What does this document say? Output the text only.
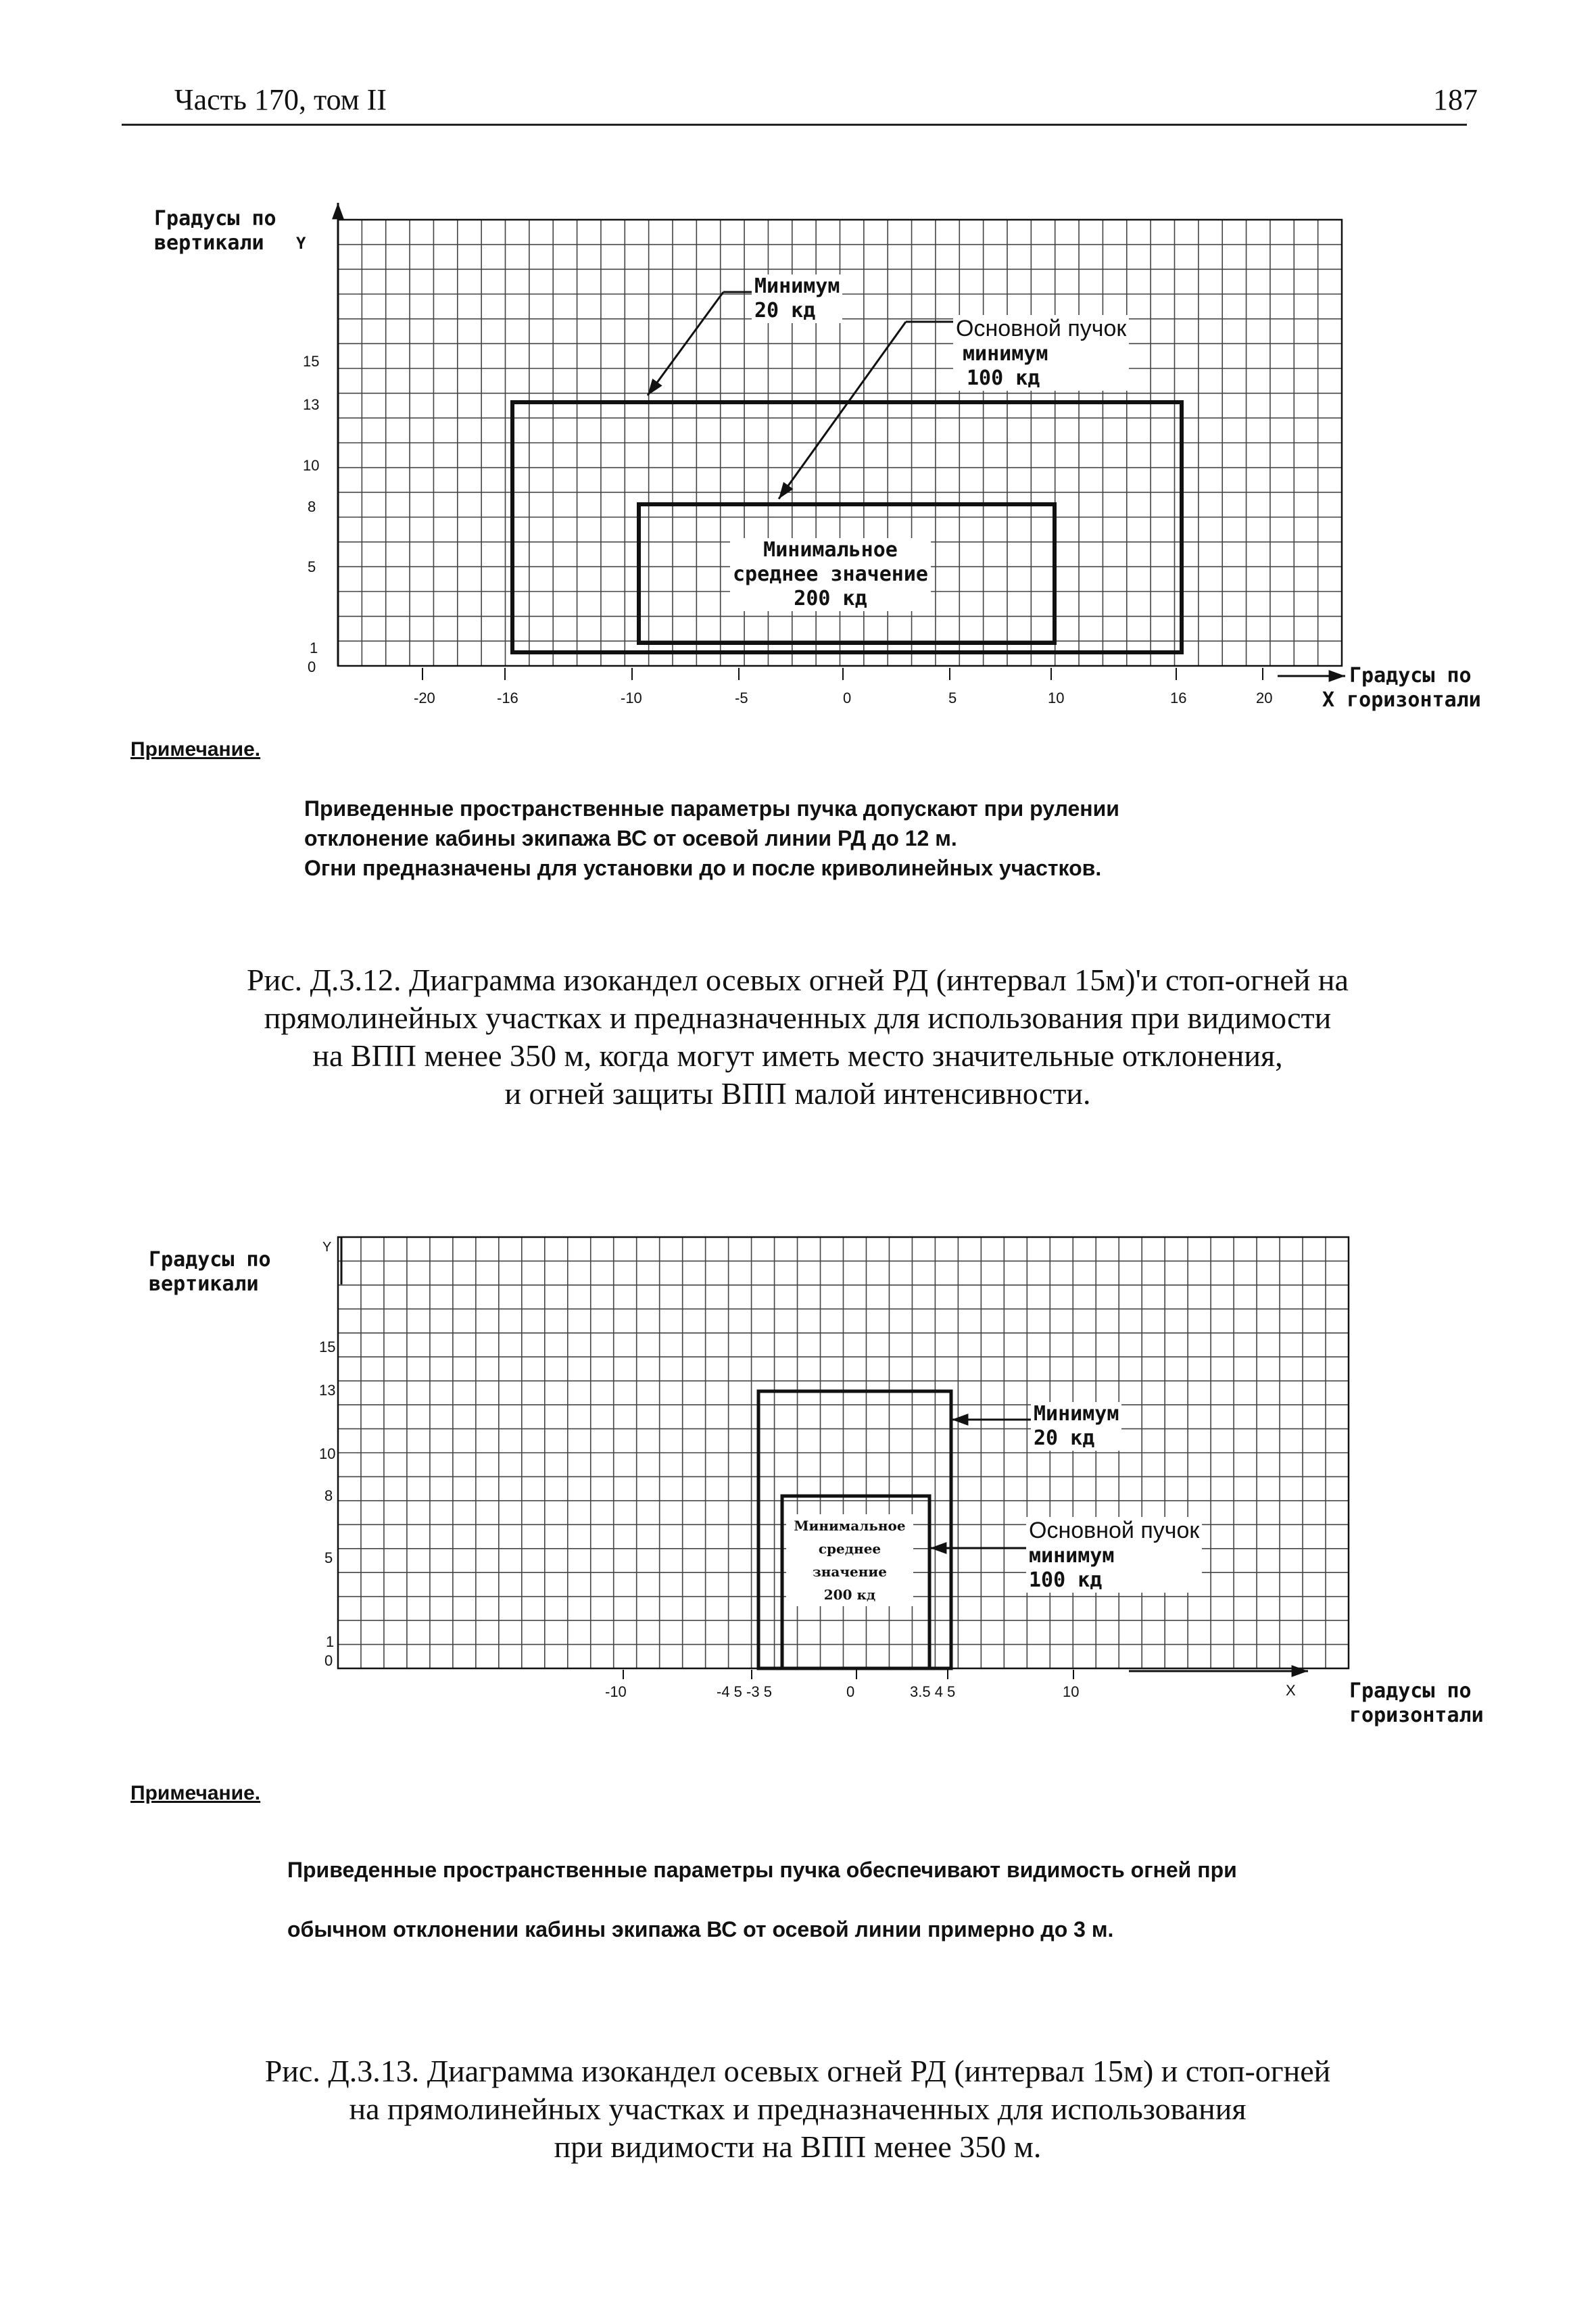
Часть 170, том II	187
Градусы по
вертикали Y
15
13
10
8
5
1
0
-20	-16	-10	-5	0	5	10	16	20
Градусы по
X горизонтали
Минимум
20 кд
Основной пучок
минимум
100 кд
Минимальное
среднее значение
200 кд
Примечание.
Приведенные пространственные параметры пучка допускают при рулении
отклонение кабины экипажа ВС от осевой линии РД до 12 м.
Огни предназначены для установки до и после криволинейных участков.
Рис. Д.3.12. Диаграмма изокандел осевых огней РД (интервал 15м)'и стоп-огней на
прямолинейных участках и предназначенных для использования при видимости
на ВПП менее 350 м, когда могут иметь место значительные отклонения,
и огней защиты ВПП малой интенсивности.
Градусы по
вертикали
Y
15
13
10
8
5
1
0
-10	-4 5 -3 5	0	3.5 4 5	10	X	Градусы по
горизонтали
Минимум
20 кд
Основной пучок
минимум
100 кд
Минимальное
среднее
значение
200 кд
Примечание.
Приведенные пространственные параметры пучка обеспечивают видимость огней при
обычном отклонении кабины экипажа ВС от осевой линии примерно до 3 м.
Рис. Д.3.13. Диаграмма изокандел осевых огней РД (интервал 15м) и стоп-огней
на прямолинейных участках и предназначенных для использования
при видимости на ВПП менее 350 м.
